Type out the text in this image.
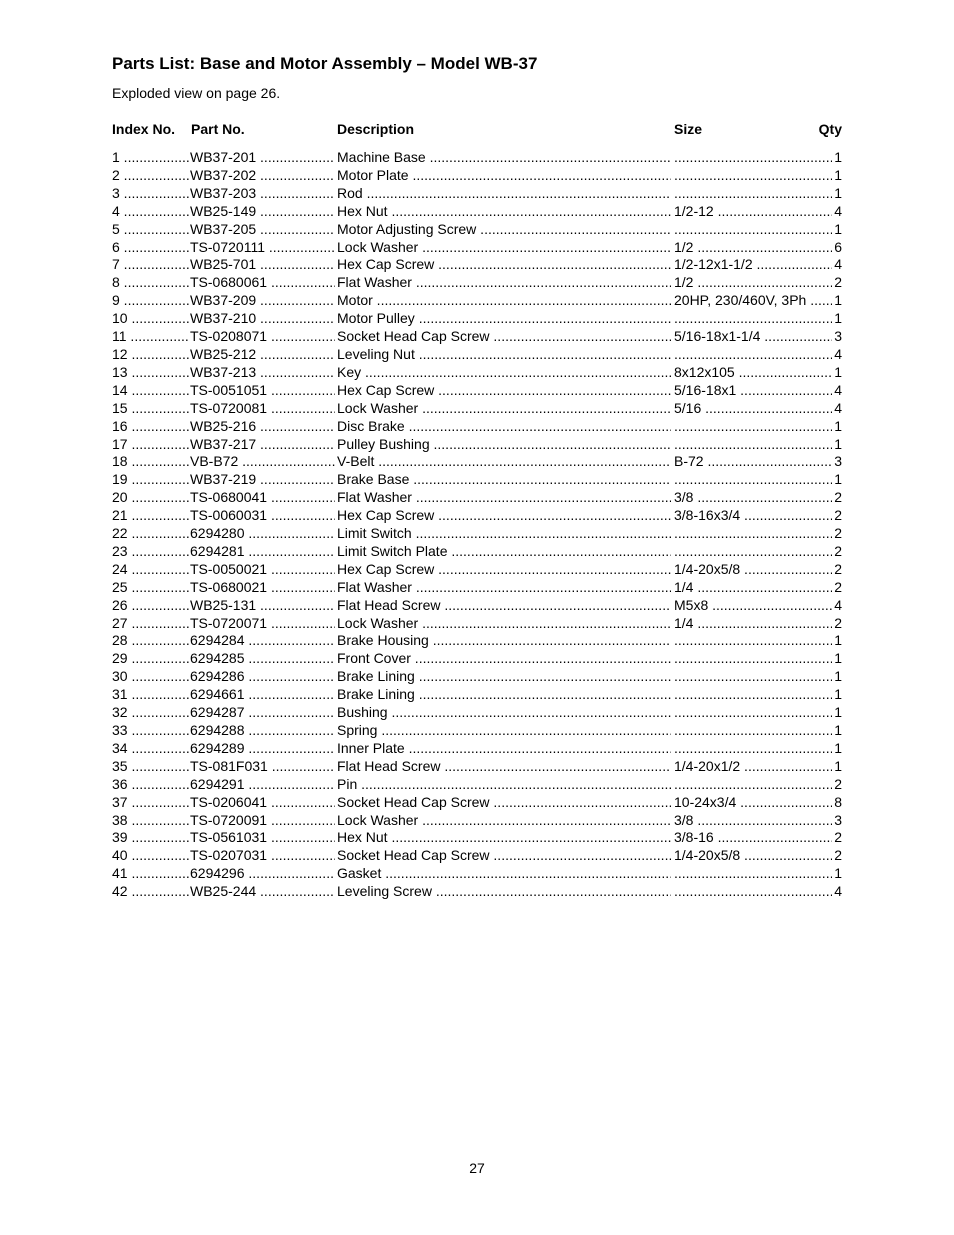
Parts List: Base and Motor Assembly – Model WB-37
Exploded view on page 26.
Index No. Part No.	Description	Size	Qty
1 .....	WB37-201 .....	Machine Base ..... .....	1
2 .....	WB37-202 .....	Motor Plate ..... .....	1
3 .....	WB37-203 .....	Rod ..... .....	1
4 .....	WB25-149 .....	Hex Nut .....	1/2-12 .....	4
5 .....	WB37-205 .....	Motor Adjusting Screw ..... .....	1
6 .....	TS-0720111 .....	Lock Washer .....	1/2 .....	6
7 .....	WB25-701 .....	Hex Cap Screw .....	1/2-12x1-1/2 .....	4
8 .....	TS-0680061 .....	Flat Washer .....	1/2 .....	2
9 .....	WB37-209 .....	Motor .....	20HP, 230/460V, 3Ph .....	1
10 .....	WB37-210 .....	Motor Pulley ..... .....	1
11 .....	TS-0208071 .....	Socket Head Cap Screw .....	5/16-18x1-1/4 .....	3
12 .....	WB25-212 .....	Leveling Nut ..... .....	4
13 .....	WB37-213 .....	Key .....	8x12x105 .....	1
14 .....	TS-0051051 .....	Hex Cap Screw .....	5/16-18x1 .....	4
15 .....	TS-0720081 .....	Lock Washer .....	5/16 .....	4
16 .....	WB25-216 .....	Disc Brake ..... .....	1
17 .....	WB37-217 .....	Pulley Bushing ..... .....	1
18 .....	VB-B72 .....	V-Belt .....	B-72 .....	3
19 .....	WB37-219 .....	Brake Base ..... .....	1
20 .....	TS-0680041 .....	Flat Washer .....	3/8 .....	2
21 .....	TS-0060031 .....	Hex Cap Screw .....	3/8-16x3/4 .....	2
22 .....	6294280 .....	Limit Switch ..... .....	2
23 .....	6294281 .....	Limit Switch Plate ..... .....	2
24 .....	TS-0050021 .....	Hex Cap Screw .....	1/4-20x5/8 .....	2
25 .....	TS-0680021 .....	Flat Washer .....	1/4 .....	2
26 .....	WB25-131 .....	Flat Head Screw .....	M5x8 .....	4
27 .....	TS-0720071 .....	Lock Washer .....	1/4 .....	2
28 .....	6294284 .....	Brake Housing ..... .....	1
29 .....	6294285 .....	Front Cover ..... .....	1
30 .....	6294286 .....	Brake Lining ..... .....	1
31 .....	6294661 .....	Brake Lining ..... .....	1
32 .....	6294287 .....	Bushing ..... .....	1
33 .....	6294288 .....	Spring ..... .....	1
34 .....	6294289 .....	Inner Plate ..... .....	1
35 .....	TS-081F031 .....	Flat Head Screw .....	1/4-20x1/2 .....	1
36 .....	6294291 .....	Pin ..... .....	2
37 .....	TS-0206041 .....	Socket Head Cap Screw .....	10-24x3/4 .....	8
38 .....	TS-0720091 .....	Lock Washer .....	3/8 .....	3
39 .....	TS-0561031 .....	Hex Nut .....	3/8-16 .....	2
40 .....	TS-0207031 .....	Socket Head Cap Screw .....	1/4-20x5/8 .....	2
41 .....	6294296 .....	Gasket ..... .....	1
42 .....	WB25-244 .....	Leveling Screw ..... .....	4
27
